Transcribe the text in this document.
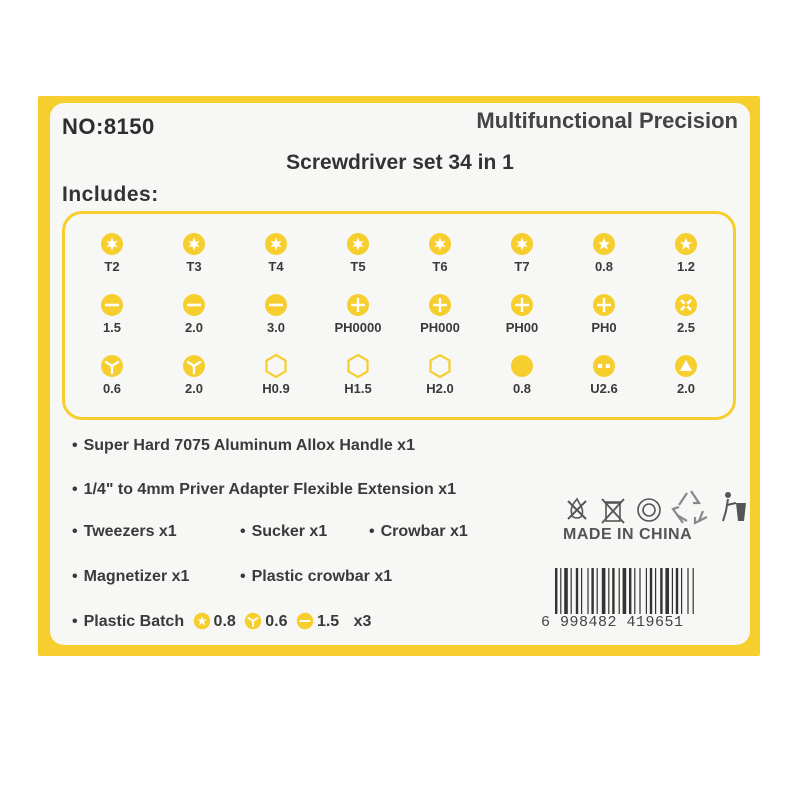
NO:8150	Multifunctional Precision
Screwdriver set 34 in 1
Includes:
T2	T3	T4	T5	T6	T7	0.8	1.2
1.5	2.0	3.0	PH0000	PH000	PH00	PH0	2.5
0.6	2.0	H0.9	H1.5	H2.0	0.8	U2.6	2.0
• Super Hard 7075 Aluminum Allox Handle x1
• 1/4" to 4mm Priver Adapter Flexible Extension x1
• Tweezers x1	• Sucker x1	• Crowbar x1
• Magnetizer x1	• Plastic crowbar x1
• Plastic Batch 0.8 0.6 1.5 x3

MADE IN CHINA
6 998482 419651
